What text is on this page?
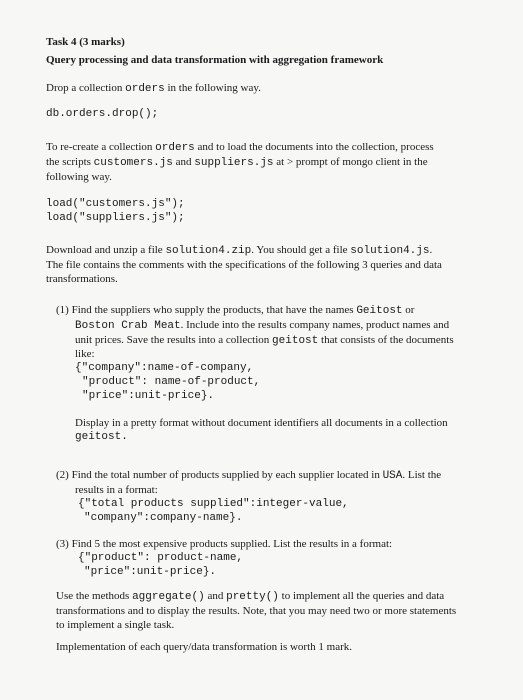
Task 4 (3 marks)
Query processing and data transformation with aggregation framework
Drop a collection orders in the following way.
db.orders.drop();
To re-create a collection orders and to load the documents into the collection, process
the scripts customers.js and suppliers.js at > prompt of mongo client in the
following way.
load("customers.js");
load("suppliers.js");
Download and unzip a file solution4.zip. You should get a file solution4.js.
The file contains the comments with the specifications of the following 3 queries and data
transformations.
(1) Find the suppliers who supply the products, that have the names Geitost or
Boston Crab Meat. Include into the results company names, product names and
unit prices. Save the results into a collection geitost that consists of the documents
like:
{"company":name-of-company,
"product": name-of-product,
"price":unit-price}.
Display in a pretty format without document identifiers all documents in a collection
geitost.
(2) Find the total number of products supplied by each supplier located in USA. List the
results in a format:
{"total products supplied":integer-value,
"company":company-name}.
(3) Find 5 the most expensive products supplied. List the results in a format:
{"product": product-name,
"price":unit-price}.
Use the methods aggregate() and pretty() to implement all the queries and data
transformations and to display the results. Note, that you may need two or more statements
to implement a single task.
Implementation of each query/data transformation is worth 1 mark.
